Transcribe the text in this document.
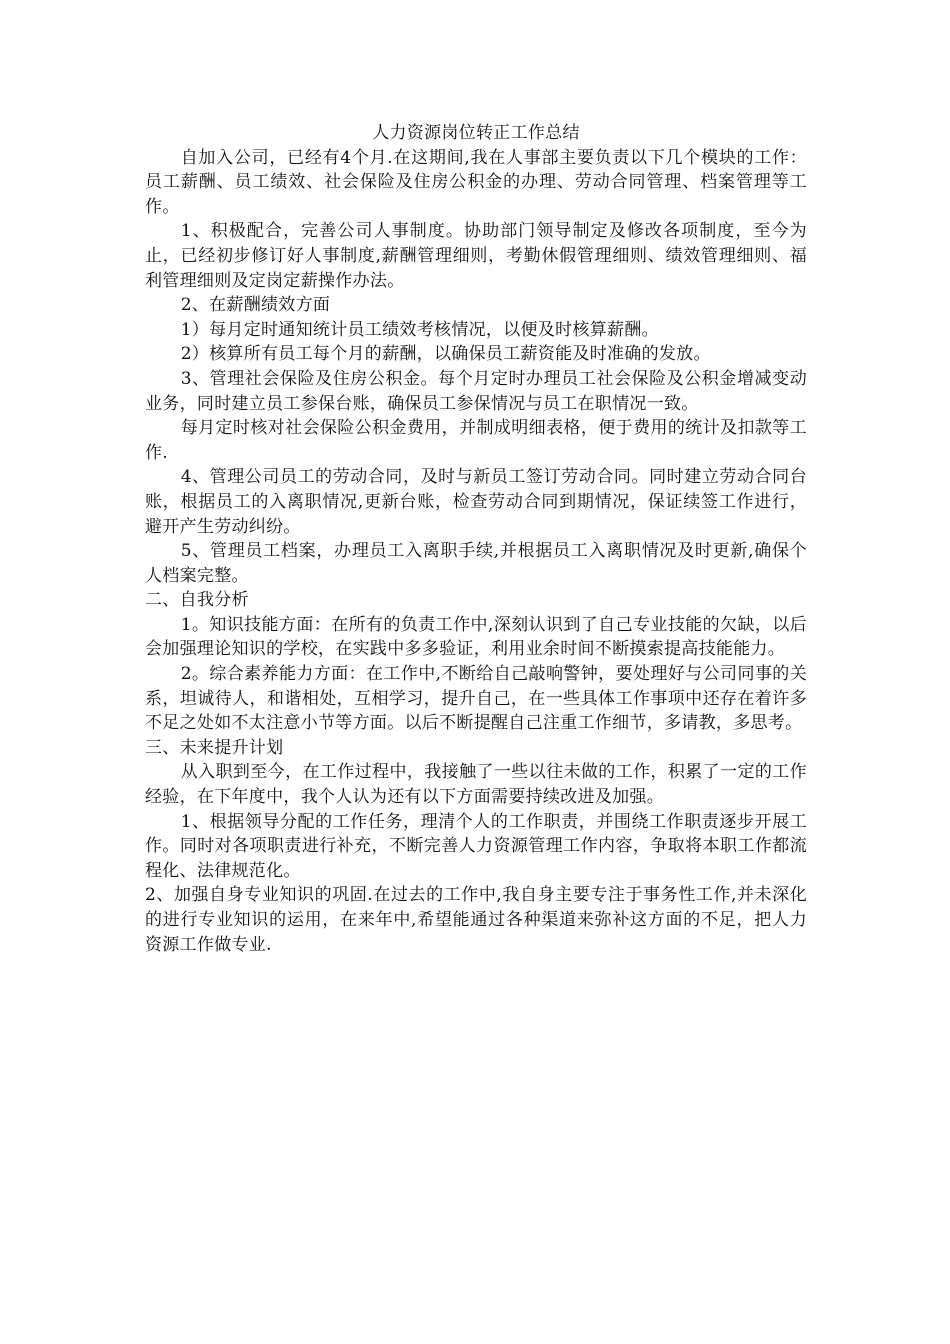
人力资源岗位转正工作总结

自加入公司，已经有4个月.在这期间,我在人事部主要负责以下几个模块的工作：员工薪酬、员工绩效、社会保险及住房公积金的办理、劳动合同管理、档案管理等工作。

1、积极配合，完善公司人事制度。协助部门领导制定及修改各项制度，至今为止，已经初步修订好人事制度,薪酬管理细则，考勤休假管理细则、绩效管理细则、福利管理细则及定岗定薪操作办法。

2、在薪酬绩效方面

1）每月定时通知统计员工绩效考核情况，以便及时核算薪酬。

2）核算所有员工每个月的薪酬，以确保员工薪资能及时准确的发放。

3、管理社会保险及住房公积金。每个月定时办理员工社会保险及公积金增减变动业务，同时建立员工参保台账，确保员工参保情况与员工在职情况一致。

每月定时核对社会保险公积金费用，并制成明细表格，便于费用的统计及扣款等工作.

4、管理公司员工的劳动合同，及时与新员工签订劳动合同。同时建立劳动合同台账，根据员工的入离职情况,更新台账，检查劳动合同到期情况，保证续签工作进行，避开产生劳动纠纷。

5、管理员工档案，办理员工入离职手续,并根据员工入离职情况及时更新,确保个人档案完整。

二、自我分析

1。知识技能方面：在所有的负责工作中,深刻认识到了自己专业技能的欠缺，以后会加强理论知识的学校，在实践中多多验证，利用业余时间不断摸索提高技能能力。

2。综合素养能力方面：在工作中,不断给自己敲响警钟，要处理好与公司同事的关系，坦诚待人，和谐相处，互相学习，提升自己，在一些具体工作事项中还存在着许多不足之处如不太注意小节等方面。以后不断提醒自己注重工作细节，多请教，多思考。

三、未来提升计划

从入职到至今，在工作过程中，我接触了一些以往未做的工作，积累了一定的工作经验，在下年度中，我个人认为还有以下方面需要持续改进及加强。

1、根据领导分配的工作任务，理清个人的工作职责，并围绕工作职责逐步开展工作。同时对各项职责进行补充，不断完善人力资源管理工作内容，争取将本职工作都流程化、法律规范化。

2、加强自身专业知识的巩固.在过去的工作中,我自身主要专注于事务性工作,并未深化的进行专业知识的运用，在来年中,希望能通过各种渠道来弥补这方面的不足，把人力资源工作做专业.
